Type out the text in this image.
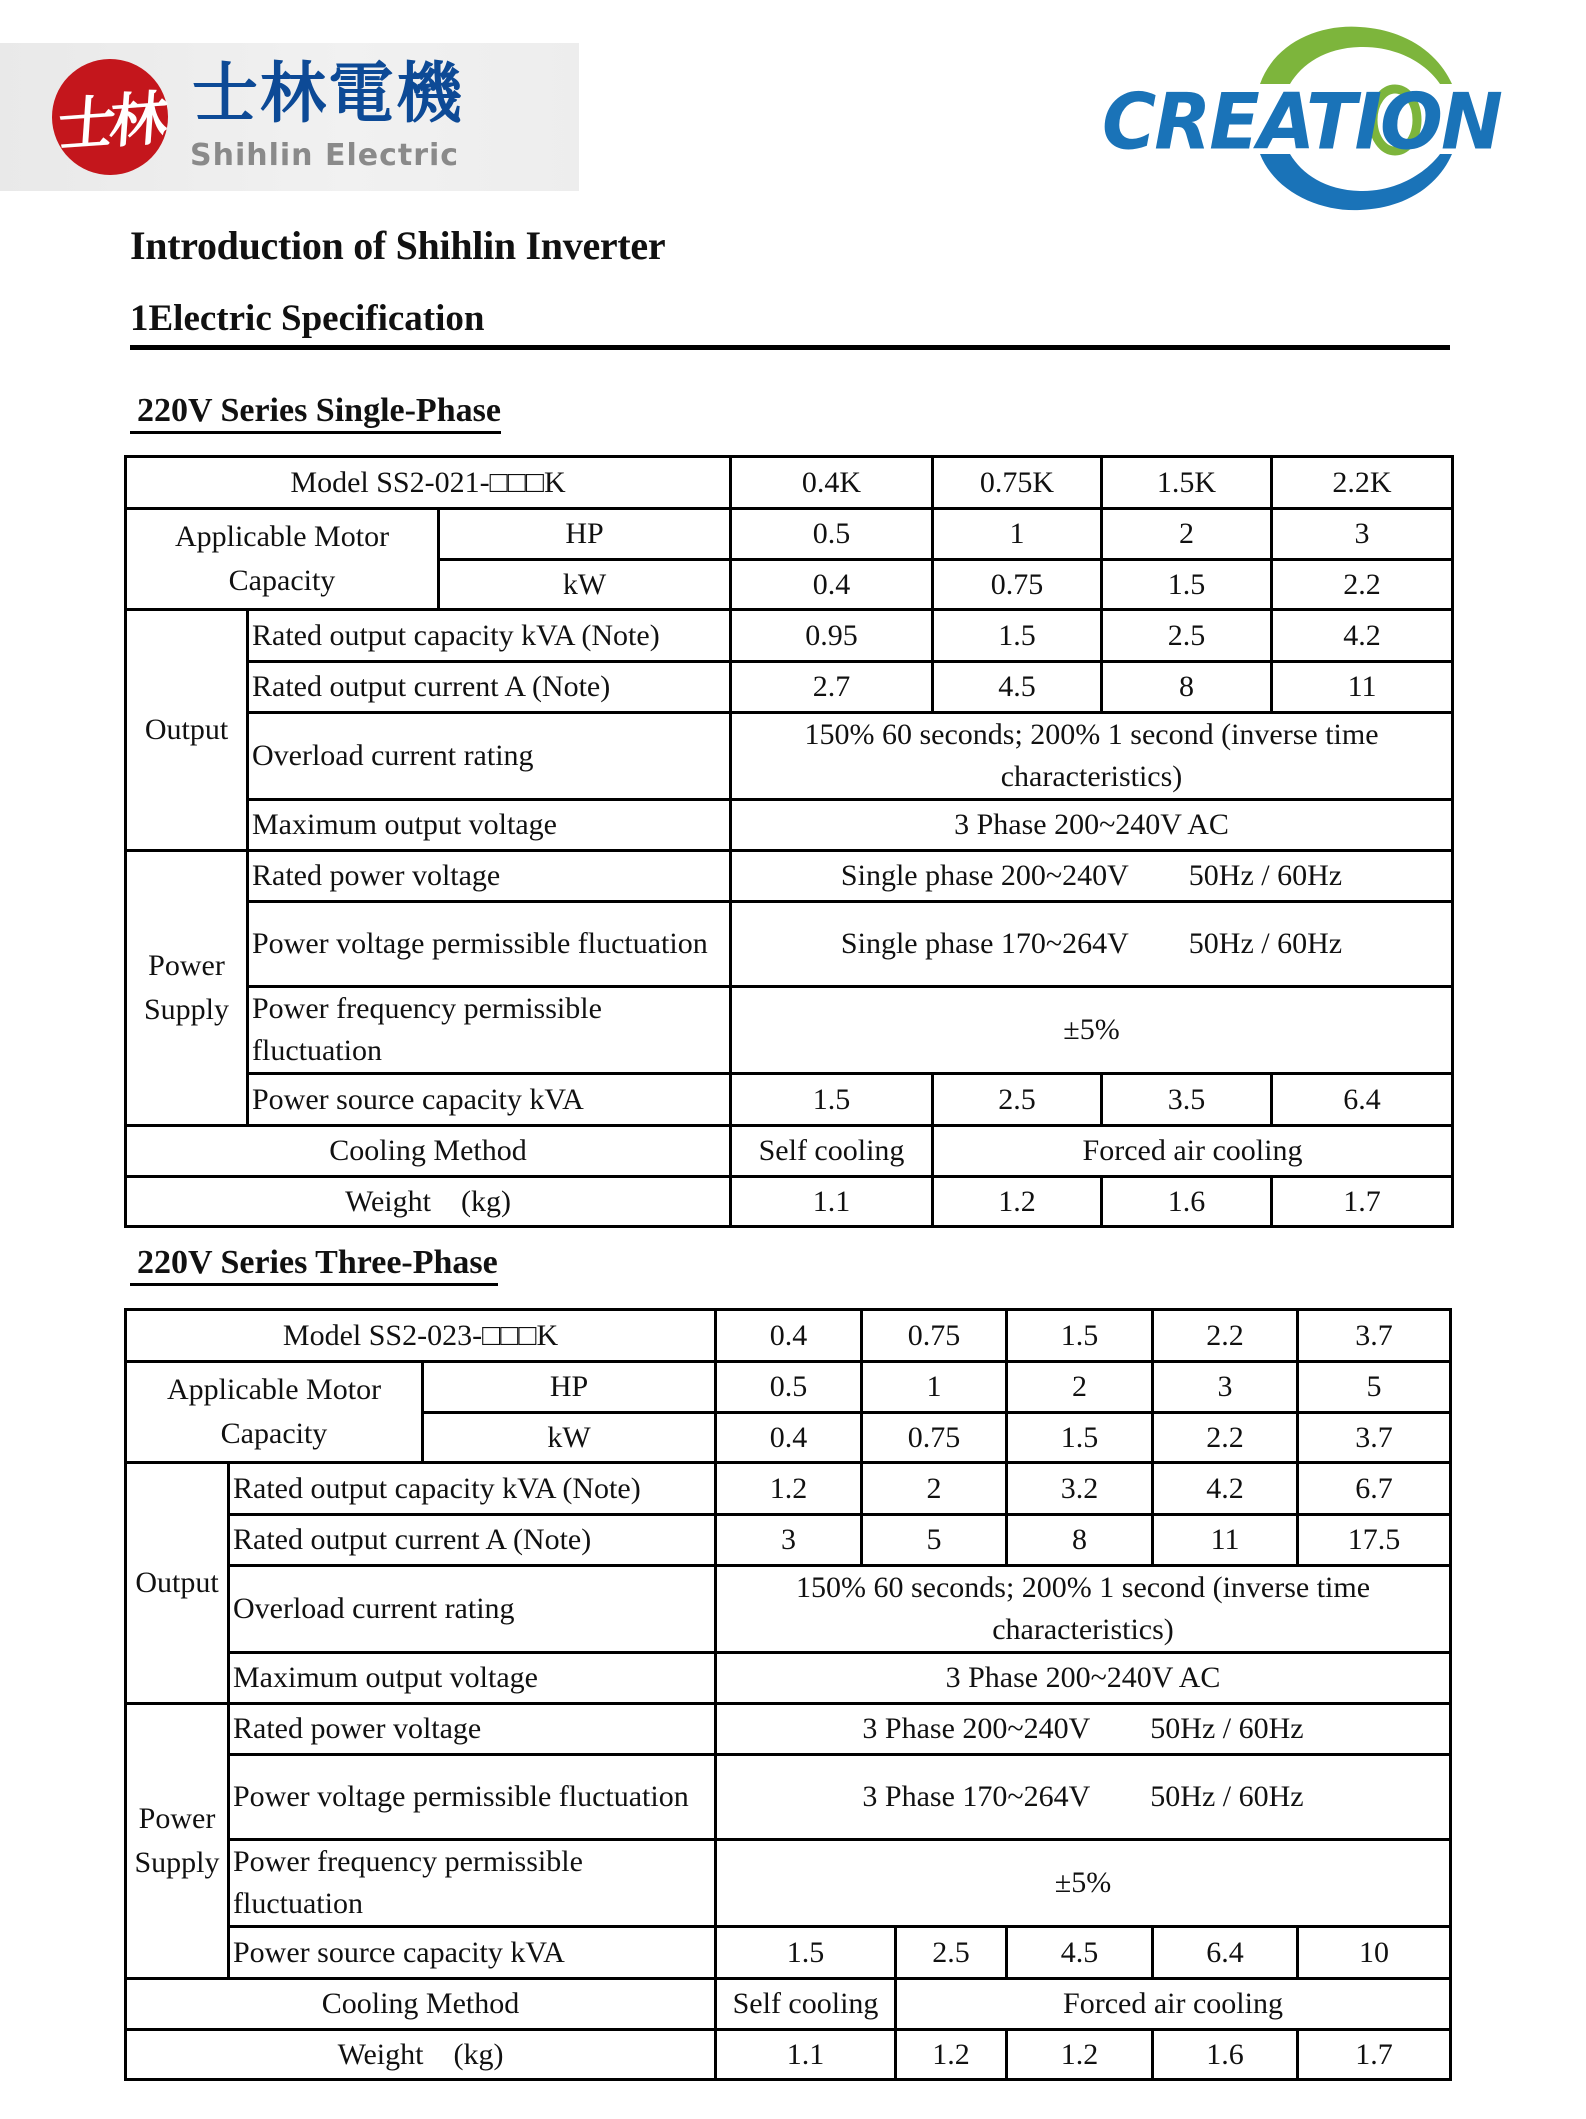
士林 士林電機
Shihlin Electric	CREATION
Introduction of Shihlin Inverter
1Electric Specification
220V Series Single-Phase
Model SS2-021-□□□K			0.4K	0.75K	1.5K	2.2K
Applicable Motor Capacity		HP	0.5	1	2	3
		kW	0.4	0.75	1.5	2.2
Output	Rated output capacity kVA (Note)		0.95	1.5	2.5	4.2
	Rated output current A (Note)		2.7	4.5	8	11
	Overload current rating		150% 60 seconds; 200% 1 second (inverse time characteristics)			
	Maximum output voltage		3 Phase 200~240V AC			
Power Supply	Rated power voltage		Single phase 200~240V  50Hz / 60Hz			
	Power voltage permissible fluctuation		Single phase 170~264V  50Hz / 60Hz			
	Power frequency permissible fluctuation		±5%			
	Power source capacity kVA		1.5	2.5	3.5	6.4
Cooling Method			Self cooling	Forced air cooling		
Weight (kg)			1.1	1.2	1.6	1.7
220V Series Three-Phase
Model SS2-023-□□□K			0.4	0.75		1.5	2.2	3.7
Applicable Motor Capacity		HP	0.5	1		2	3	5
		kW	0.4	0.75		1.5	2.2	3.7
Output	Rated output capacity kVA (Note)		1.2	2		3.2	4.2	6.7
	Rated output current A (Note)		3	5		8	11	17.5
	Overload current rating		150% 60 seconds; 200% 1 second (inverse time characteristics)					
	Maximum output voltage		3 Phase 200~240V AC					
Power Supply	Rated power voltage		3 Phase 200~240V  50Hz / 60Hz					
	Power voltage permissible fluctuation		3 Phase 170~264V  50Hz / 60Hz					
	Power frequency permissible fluctuation		±5%					
	Power source capacity kVA		1.5		2.5	4.5	6.4	10
Cooling Method			Self cooling		Forced air cooling			
Weight (kg)			1.1		1.2	1.2	1.6	1.7
